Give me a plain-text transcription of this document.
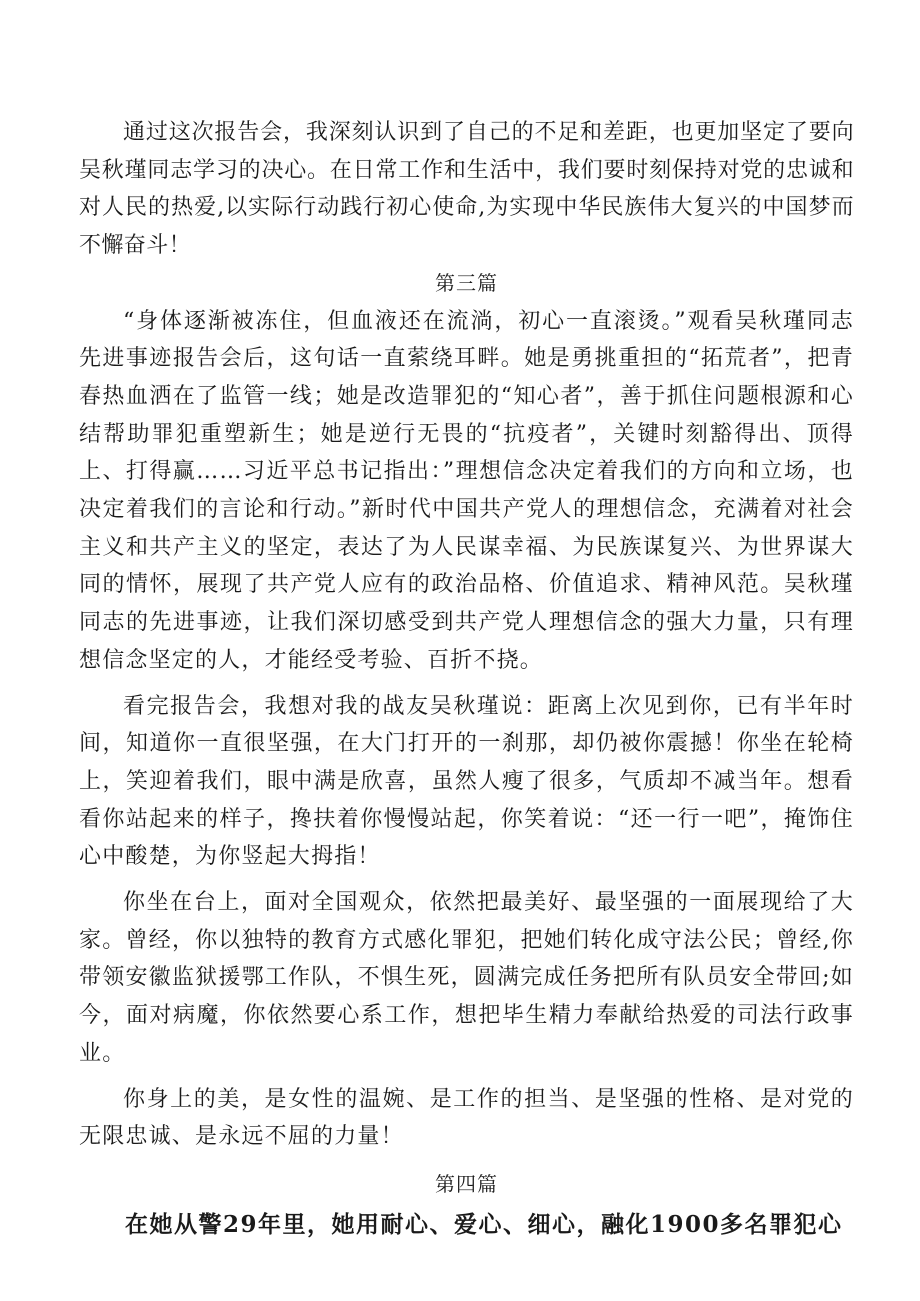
通过这次报告会，我深刻认识到了自己的不足和差距，也更加坚定了要向吴秋瑾同志学习的决心。在日常工作和生活中，我们要时刻保持对党的忠诚和对人民的热爱,以实际行动践行初心使命,为实现中华民族伟大复兴的中国梦而不懈奋斗！

第三篇

“身体逐渐被冻住，但血液还在流淌，初心一直滚烫。”观看吴秋瑾同志先进事迹报告会后，这句话一直萦绕耳畔。她是勇挑重担的“拓荒者”，把青春热血洒在了监管一线；她是改造罪犯的“知心者”，善于抓住问题根源和心结帮助罪犯重塑新生；她是逆行无畏的“抗疫者”，关键时刻豁得出、顶得上、打得赢……习近平总书记指出：”理想信念决定着我们的方向和立场，也决定着我们的言论和行动。”新时代中国共产党人的理想信念，充满着对社会主义和共产主义的坚定，表达了为人民谋幸福、为民族谋复兴、为世界谋大同的情怀，展现了共产党人应有的政治品格、价值追求、精神风范。吴秋瑾同志的先进事迹，让我们深切感受到共产党人理想信念的强大力量，只有理想信念坚定的人，才能经受考验、百折不挠。

看完报告会，我想对我的战友吴秋瑾说：距离上次见到你，已有半年时间，知道你一直很坚强，在大门打开的一刹那，却仍被你震撼！你坐在轮椅上，笑迎着我们，眼中满是欣喜，虽然人瘦了很多，气质却不减当年。想看看你站起来的样子，搀扶着你慢慢站起，你笑着说：“还一行一吧”，掩饰住心中酸楚，为你竖起大拇指！

你坐在台上，面对全国观众，依然把最美好、最坚强的一面展现给了大家。曾经，你以独特的教育方式感化罪犯，把她们转化成守法公民；曾经,你带领安徽监狱援鄂工作队，不惧生死，圆满完成任务把所有队员安全带回;如今，面对病魔，你依然要心系工作，想把毕生精力奉献给热爱的司法行政事业。

你身上的美，是女性的温婉、是工作的担当、是坚强的性格、是对党的无限忠诚、是永远不屈的力量！

第四篇

在她从警29年里，她用耐心、爱心、细心，融化1900多名罪犯心
